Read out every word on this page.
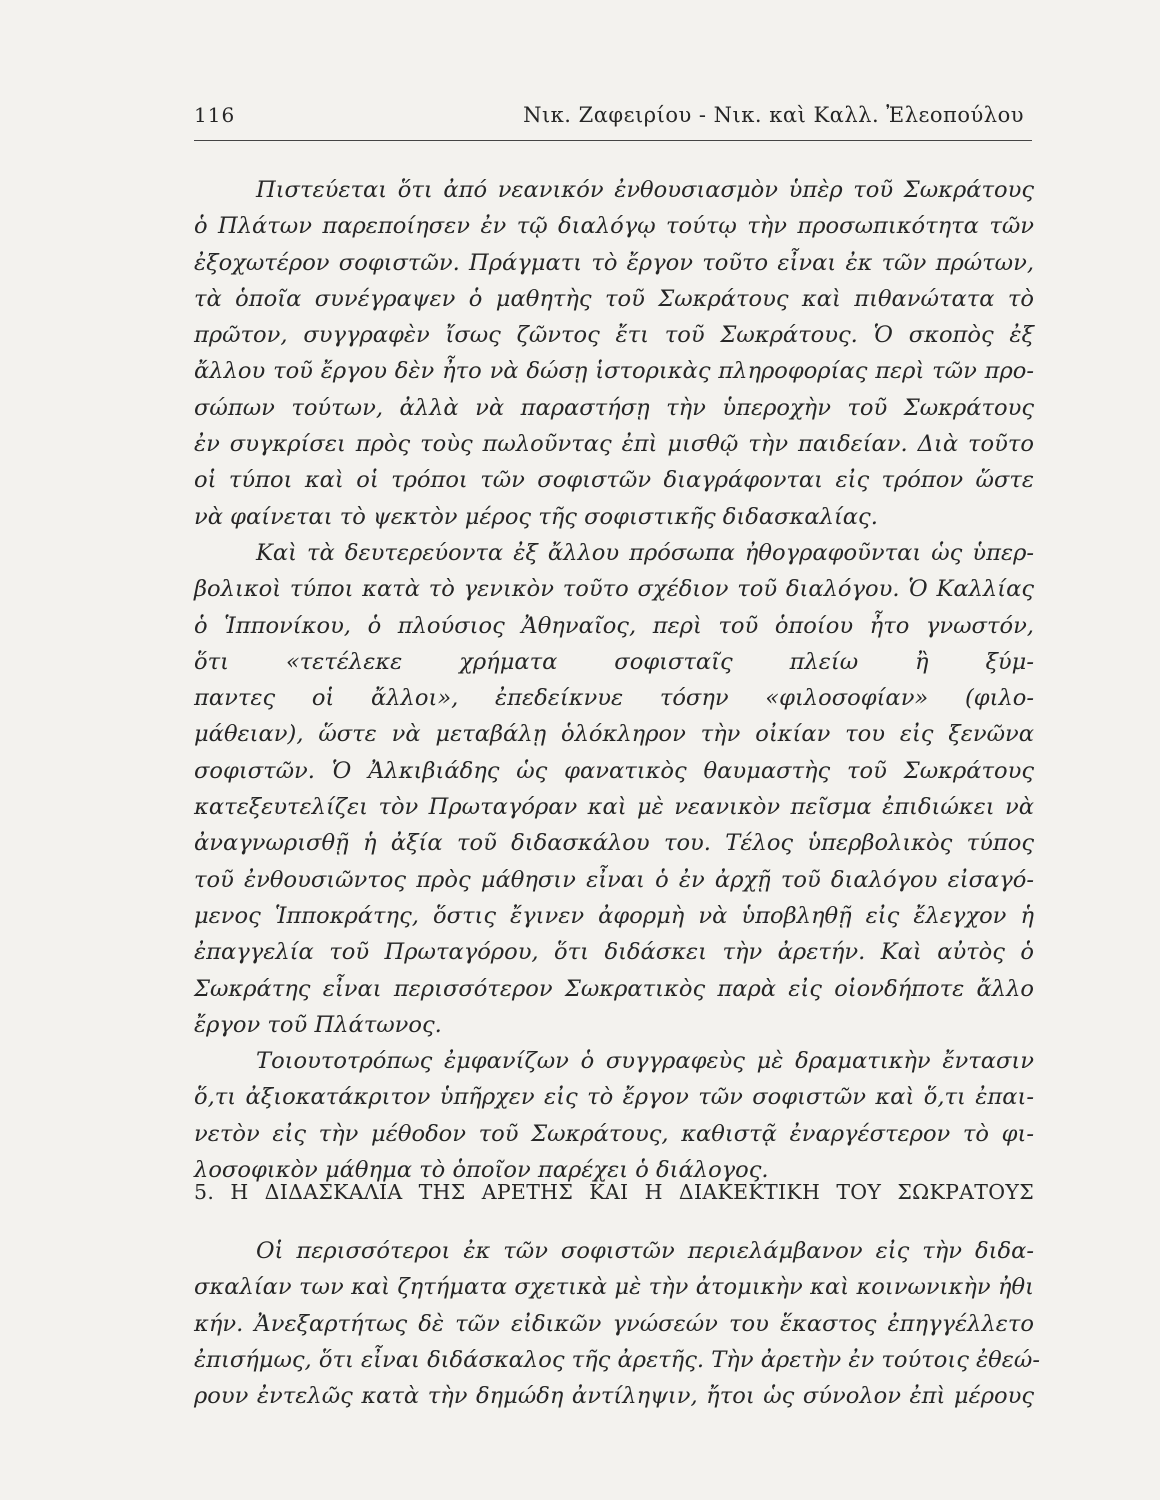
116	Νικ. Ζαφειρίου - Νικ. καὶ Καλλ. Ἐλεοπούλου
Πιστεύεται ὅτι ἀπό νεανικόν ἐνθουσιασμὸν ὑπὲρ τοῦ Σωκράτους
ὁ Πλάτων παρεποίησεν ἐν τῷ διαλόγῳ τούτῳ τὴν προσωπικότητα τῶν
ἐξοχωτέρον σοφιστῶν. Πράγματι τὸ ἔργον τοῦτο εἶναι ἐκ τῶν πρώτων,
τὰ ὁποῖα συνέγραψεν ὁ μαθητὴς τοῦ Σωκράτους καὶ πιθανώτατα τὸ
πρῶτον, συγγραφὲν ἴσως ζῶντος ἔτι τοῦ Σωκράτους. Ὁ σκοπὸς ἐξ
ἄλλου τοῦ ἔργου δὲν ἦτο νὰ δώσῃ ἱστορικὰς πληροφορίας περὶ τῶν προ-
σώπων τούτων, ἀλλὰ νὰ παραστήσῃ τὴν ὑπεροχὴν τοῦ Σωκράτους
ἐν συγκρίσει πρὸς τοὺς πωλοῦντας ἐπὶ μισθῷ τὴν παιδείαν. Διὰ τοῦτο
οἱ τύποι καὶ οἱ τρόποι τῶν σοφιστῶν διαγράφονται εἰς τρόπον ὥστε
νὰ φαίνεται τὸ ψεκτὸν μέρος τῆς σοφιστικῆς διδασκαλίας.
Καὶ τὰ δευτερεύοντα ἐξ ἄλλου πρόσωπα ἠθογραφοῦνται ὡς ὑπερ-
βολικοὶ τύποι κατὰ τὸ γενικὸν τοῦτο σχέδιον τοῦ διαλόγου. Ὁ Καλλίας
ὁ Ἱππονίκου, ὁ πλούσιος Ἀθηναῖος, περὶ τοῦ ὁποίου ἦτο γνωστόν,
ὅτι «τετέλεκε χρήματα σοφισταῖς πλείω ἢ ξύμ-
παντες οἱ ἄλλοι», ἐπεδείκνυε τόσην «φιλοσοφίαν» (φιλο-
μάθειαν), ὥστε νὰ μεταβάλῃ ὁλόκληρον τὴν οἰκίαν του εἰς ξενῶνα
σοφιστῶν. Ὁ Ἀλκιβιάδης ὡς φανατικὸς θαυμαστὴς τοῦ Σωκράτους
κατεξευτελίζει τὸν Πρωταγόραν καὶ μὲ νεανικὸν πεῖσμα ἐπιδιώκει νὰ
ἀναγνωρισθῇ ἡ ἀξία τοῦ διδασκάλου του. Τέλος ὑπερβολικὸς τύπος
τοῦ ἐνθουσιῶντος πρὸς μάθησιν εἶναι ὁ ἐν ἀρχῇ τοῦ διαλόγου εἰσαγό-
μενος Ἱπποκράτης, ὅστις ἔγινεν ἀφορμὴ νὰ ὑποβληθῇ εἰς ἔλεγχον ἡ
ἐπαγγελία τοῦ Πρωταγόρου, ὅτι διδάσκει τὴν ἀρετήν. Καὶ αὐτὸς ὁ
Σωκράτης εἶναι περισσότερον Σωκρατικὸς παρὰ εἰς οἱονδήποτε ἄλλο
ἔργον τοῦ Πλάτωνος.
Τοιουτοτρόπως ἐμφανίζων ὁ συγγραφεὺς μὲ δραματικὴν ἔντασιν
ὅ,τι ἀξιοκατάκριτον ὑπῆρχεν εἰς τὸ ἔργον τῶν σοφιστῶν καὶ ὅ,τι ἐπαι-
νετὸν εἰς τὴν μέθοδον τοῦ Σωκράτους, καθιστᾷ ἐναργέστερον τὸ φι-
λοσοφικὸν μάθημα τὸ ὁποῖον παρέχει ὁ διάλογος.
5. Η ΔΙΔΑΣΚΑΛΙΑ ΤΗΣ ΑΡΕΤΗΣ ΚΑΙ Η ΔΙΑΚΕΚΤΙΚΗ ΤΟΥ ΣΩΚΡΑΤΟΥΣ
Οἱ περισσότεροι ἐκ τῶν σοφιστῶν περιελάμβανον εἰς τὴν διδα-
σκαλίαν των καὶ ζητήματα σχετικὰ μὲ τὴν ἀτομικὴν καὶ κοινωνικὴν ἠθι
κήν. Ἀνεξαρτήτως δὲ τῶν εἰδικῶν γνώσεών του ἕκαστος ἐπηγγέλλετο
ἐπισήμως, ὅτι εἶναι διδάσκαλος τῆς ἀρετῆς. Τὴν ἀρετὴν ἐν τούτοις ἐθεώ-
ρουν ἐντελῶς κατὰ τὴν δημώδη ἀντίληψιν, ἤτοι ὡς σύνολον ἐπὶ μέρους
